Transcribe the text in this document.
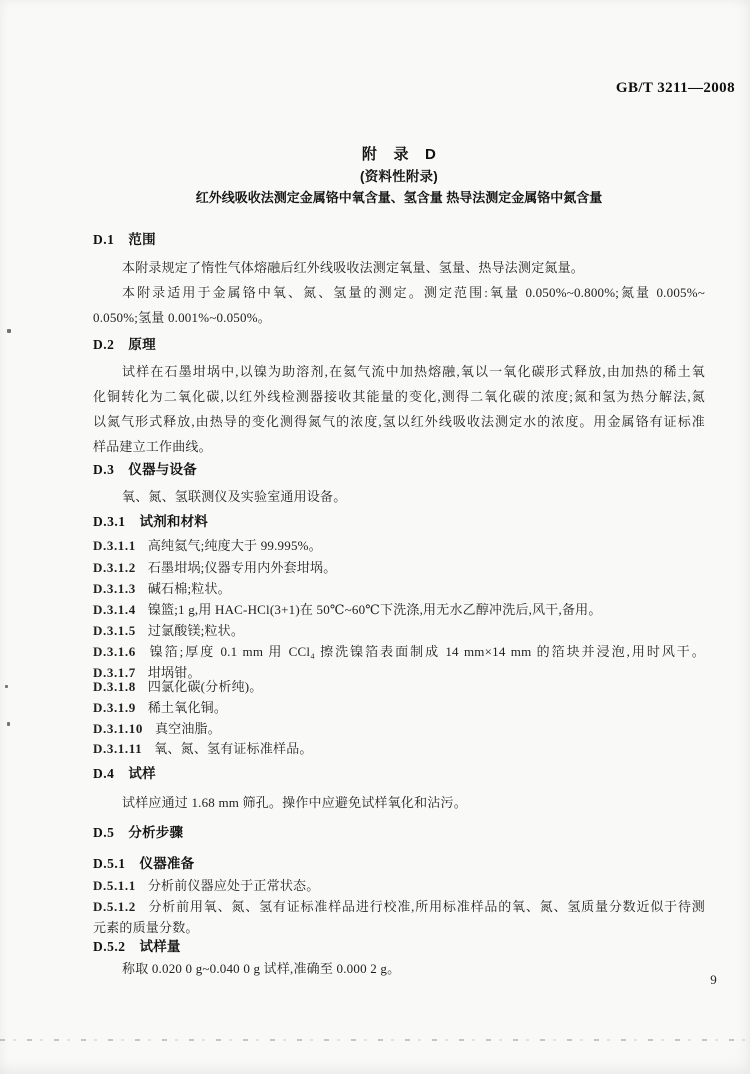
GB/T 3211—2008
附 录 D
(资料性附录)
红外线吸收法测定金属铬中氧含量、氢含量 热导法测定金属铬中氮含量
D.1 范围
本附录规定了惰性气体熔融后红外线吸收法测定氧量、氢量、热导法测定氮量。
本附录适用于金属铬中氧、氮、氢量的测定。测定范围:氧量 0.050%~0.800%;氮量 0.005%~
0.050%;氢量 0.001%~0.050%。
D.2 原理
试样在石墨坩埚中,以镍为助溶剂,在氦气流中加热熔融,氧以一氧化碳形式释放,由加热的稀土氧
化铜转化为二氧化碳,以红外线检测器接收其能量的变化,测得二氧化碳的浓度;氮和氢为热分解法,氮
以氮气形式释放,由热导的变化测得氮气的浓度,氢以红外线吸收法测定水的浓度。用金属铬有证标准
样品建立工作曲线。
D.3 仪器与设备
氧、氮、氢联测仪及实验室通用设备。
D.3.1 试剂和材料
D.3.1.1 高纯氦气;纯度大于 99.995%。
D.3.1.2 石墨坩埚;仪器专用内外套坩埚。
D.3.1.3 碱石棉;粒状。
D.3.1.4 镍篮;1 g,用 HAC-HCl(3+1)在 50℃~60℃下洗涤,用无水乙醇冲洗后,风干,备用。
D.3.1.5 过氯酸镁;粒状。
D.3.1.6 镍箔;厚度 0.1 mm 用 CCl₄ 擦洗镍箔表面制成 14 mm×14 mm 的箔块并浸泡,用时风干。
D.3.1.7 坩埚钳。
D.3.1.8 四氯化碳(分析纯)。
D.3.1.9 稀土氧化铜。
D.3.1.10 真空油脂。
D.3.1.11 氧、氮、氢有证标准样品。
D.4 试样
试样应通过 1.68 mm 筛孔。操作中应避免试样氧化和沾污。
D.5 分析步骤
D.5.1 仪器准备
D.5.1.1 分析前仪器应处于正常状态。
D.5.1.2 分析前用氧、氮、氢有证标准样品进行校准,所用标准样品的氧、氮、氢质量分数近似于待测
元素的质量分数。
D.5.2 试样量
称取 0.020 0 g~0.040 0 g 试样,准确至 0.000 2 g。
9
